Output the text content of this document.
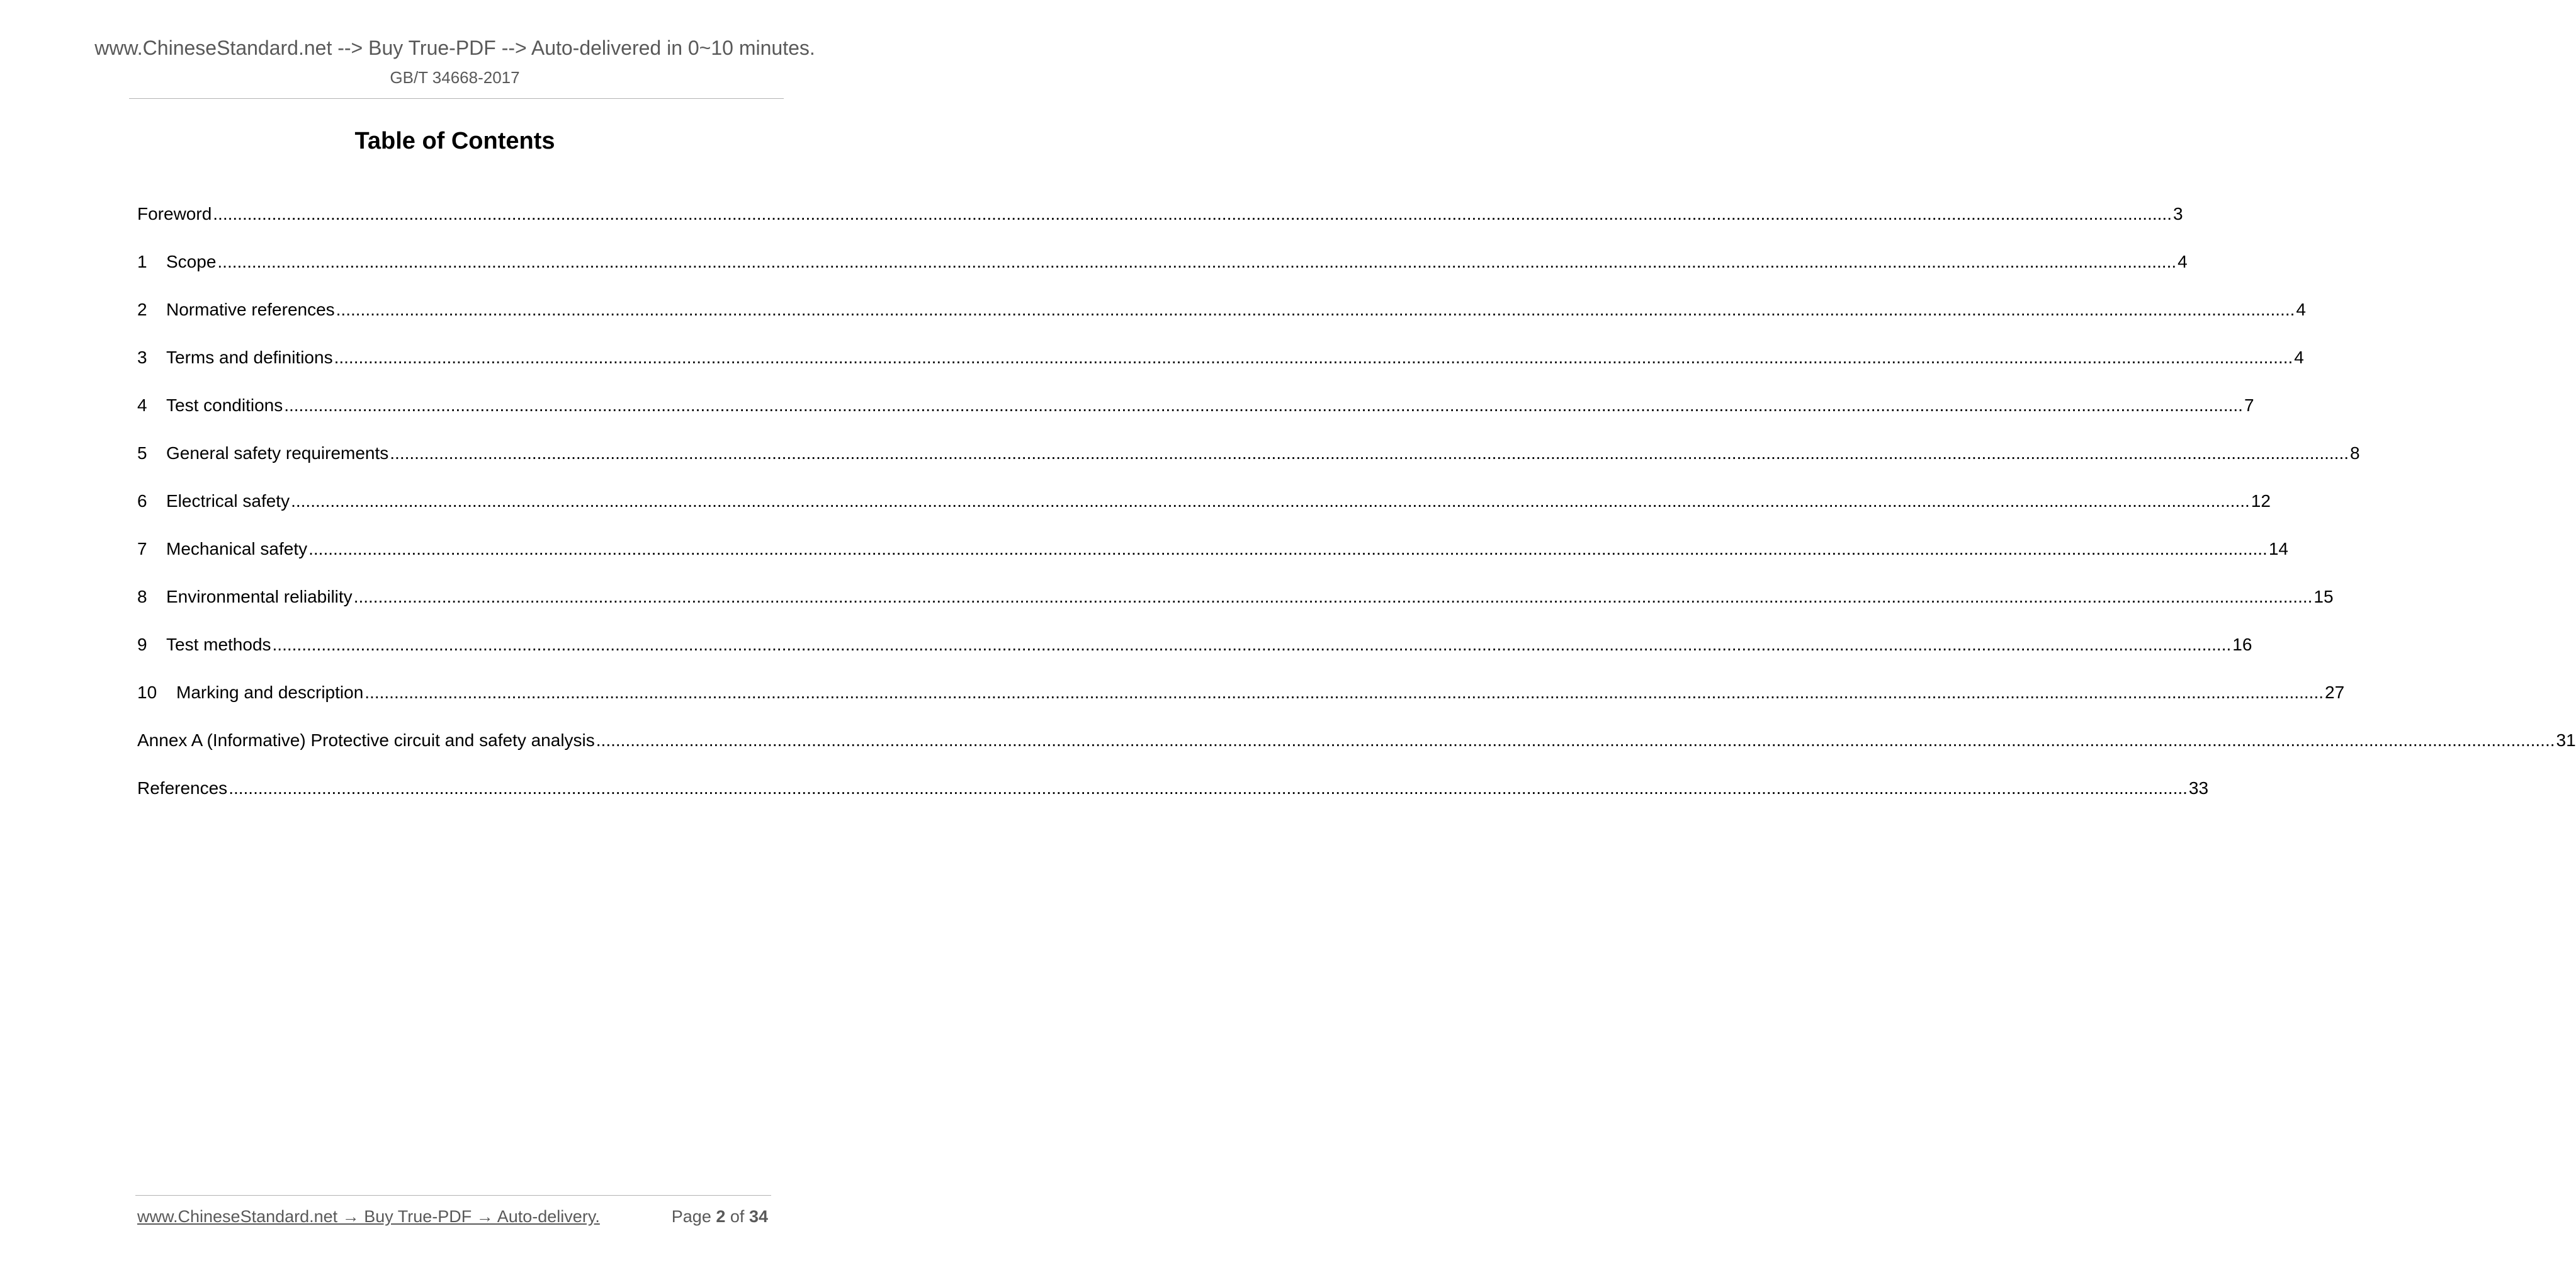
www.ChineseStandard.net --> Buy True-PDF --> Auto-delivered in 0~10 minutes.
GB/T 34668-2017
Table of Contents
Foreword ................................................................................................................................................................................................................................................................................................................................................................................................................ 3
1	Scope ................................................................................................................................................................................................................................................................................................................................................................................................................ 4
2	Normative references ................................................................................................................................................................................................................................................................................................................................................................................................................ 4
3	Terms and definitions ................................................................................................................................................................................................................................................................................................................................................................................................................ 4
4	Test conditions ................................................................................................................................................................................................................................................................................................................................................................................................................ 7
5	General safety requirements ................................................................................................................................................................................................................................................................................................................................................................................................................ 8
6	Electrical safety ................................................................................................................................................................................................................................................................................................................................................................................................................ 12
7	Mechanical safety ................................................................................................................................................................................................................................................................................................................................................................................................................ 14
8	Environmental reliability ................................................................................................................................................................................................................................................................................................................................................................................................................ 15
9	Test methods ................................................................................................................................................................................................................................................................................................................................................................................................................ 16
10	Marking and description ................................................................................................................................................................................................................................................................................................................................................................................................................ 27
Annex A (Informative) Protective circuit and safety analysis ................................................................................................................................................................................................................................................................................................................................................................................................................ 31
References ................................................................................................................................................................................................................................................................................................................................................................................................................ 33
www.ChineseStandard.net → Buy True-PDF → Auto-delivery.	Page 2 of 34
